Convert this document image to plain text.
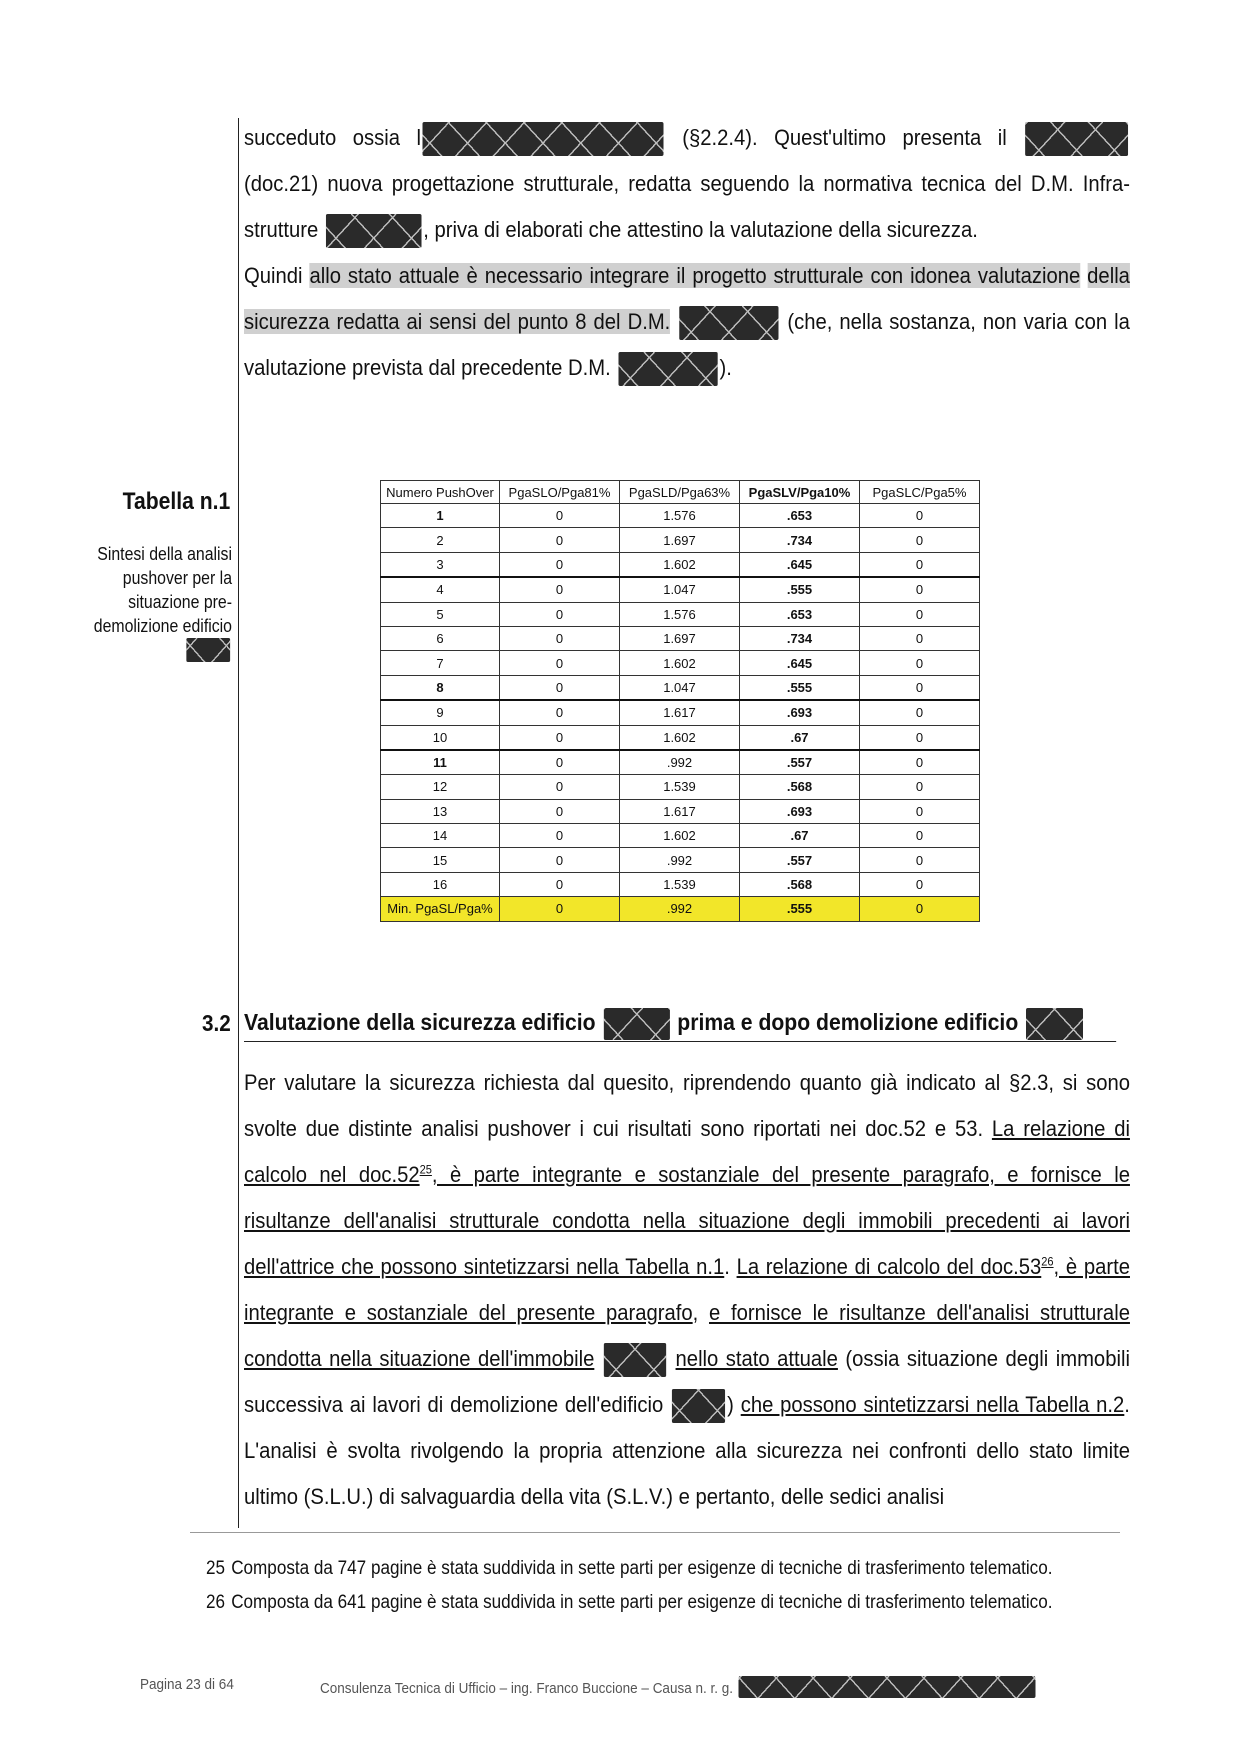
succeduto ossia l	(§2.2.4). Quest'ultimo presenta il  (doc.21) nuova progettazione strutturale, redatta seguendo la normativa tecnica del D.M. Infra- strutture	, priva di elaborati che attestino la valutazione della sicurezza.
Quindi allo stato attuale è necessario integrare il progetto strutturale con idonea valutazione della sicurezza redatta ai sensi del punto 8 del D.M.	(che, nella sostanza, non varia con la valutazione prevista dal precedente D.M.	).
Tabella n.1
Sintesi della analisi pushover per la situazione pre-demolizione edificio
Numero PushOver	PgaSLO/Pga81%	PgaSLD/Pga63%	PgaSLV/Pga10%	PgaSLC/Pga5%
1	0	1.576	.653	0
2	0	1.697	.734	0
3	0	1.602	.645	0
4	0	1.047	.555	0
5	0	1.576	.653	0
6	0	1.697	.734	0
7	0	1.602	.645	0
8	0	1.047	.555	0
9	0	1.617	.693	0
10	0	1.602	.67	0
11	0	.992	.557	0
12	0	1.539	.568	0
13	0	1.617	.693	0
14	0	1.602	.67	0
15	0	.992	.557	0
16	0	1.539	.568	0
Min. PgaSL/Pga%	0	.992	.555	0
3.2 Valutazione della sicurezza edificio	prima e dopo demolizione edificio
Per valutare la sicurezza richiesta dal quesito, riprendendo quanto già indicato al §2.3, si sono svolte due distinte analisi pushover i cui risultati sono riportati nei doc.52 e 53. La relazione di calcolo nel $doc.52^{25}$, è parte integrante e sostanziale del presente paragrafo, e fornisce le risultanze dell'analisi strutturale condotta nella situazione degli immobili precedenti ai lavori dell'attrice che possono sintetizzarsi nella Tabella n.1. La relazione di calcolo del $doc.53^{26}$, è parte integrante e sostanziale del presente paragrafo, e fornisce le risultanze dell'analisi strutturale condotta nella situazione dell'immobile	nello stato attuale (ossia situazione degli immobili successiva ai lavori di demolizione dell'edificio	) che possono sintetizzarsi nella Tabella n.2. L'analisi è svolta rivolgendo la propria attenzione alla sicurezza nei confronti dello stato limite ultimo (S.L.U.) di salvaguardia della vita (S.L.V.) e pertanto, delle sedici analisi
25 Composta da 747 pagine è stata suddivida in sette parti per esigenze di tecniche di trasferimento telematico.
26 Composta da 641 pagine è stata suddivida in sette parti per esigenze di tecniche di trasferimento telematico.
Pagina 23 di 64	Consulenza Tecnica di Ufficio – ing. Franco Buccione – Causa n. r. g.
